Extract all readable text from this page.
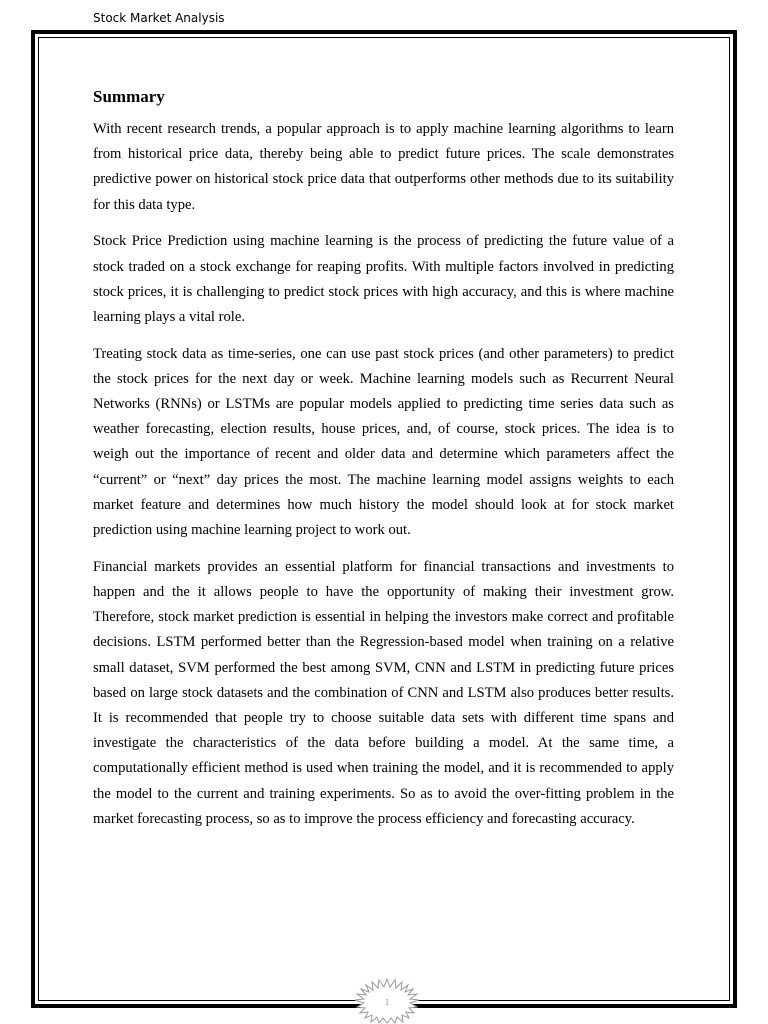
Stock Market Analysis
Summary

With recent research trends, a popular approach is to apply machine learning algorithms to learn from historical price data, thereby being able to predict future prices. The scale demonstrates predictive power on historical stock price data that outperforms other methods due to its suitability for this data type.

Stock Price Prediction using machine learning is the process of predicting the future value of a stock traded on a stock exchange for reaping profits. With multiple factors involved in predicting stock prices, it is challenging to predict stock prices with high accuracy, and this is where machine learning plays a vital role.

Treating stock data as time-series, one can use past stock prices (and other parameters) to predict the stock prices for the next day or week. Machine learning models such as Recurrent Neural Networks (RNNs) or LSTMs are popular models applied to predicting time series data such as weather forecasting, election results, house prices, and, of course, stock prices. The idea is to weigh out the importance of recent and older data and determine which parameters affect the “current” or “next” day prices the most. The machine learning model assigns weights to each market feature and determines how much history the model should look at for stock market prediction using machine learning project to work out.

Financial markets provides an essential platform for financial transactions and investments to happen and the it allows people to have the opportunity of making their investment grow. Therefore, stock market prediction is essential in helping the investors make correct and profitable decisions. LSTM performed better than the Regression-based model when training on a relative small dataset, SVM performed the best among SVM, CNN and LSTM in predicting future prices based on large stock datasets and the combination of CNN and LSTM also produces better results. It is recommended that people try to choose suitable data sets with different time spans and investigate the characteristics of the data before building a model. At the same time, a computationally efficient method is used when training the model, and it is recommended to apply the model to the current and training experiments. So as to avoid the over-fitting problem in the market forecasting process, so as to improve the process efficiency and forecasting accuracy.

1
